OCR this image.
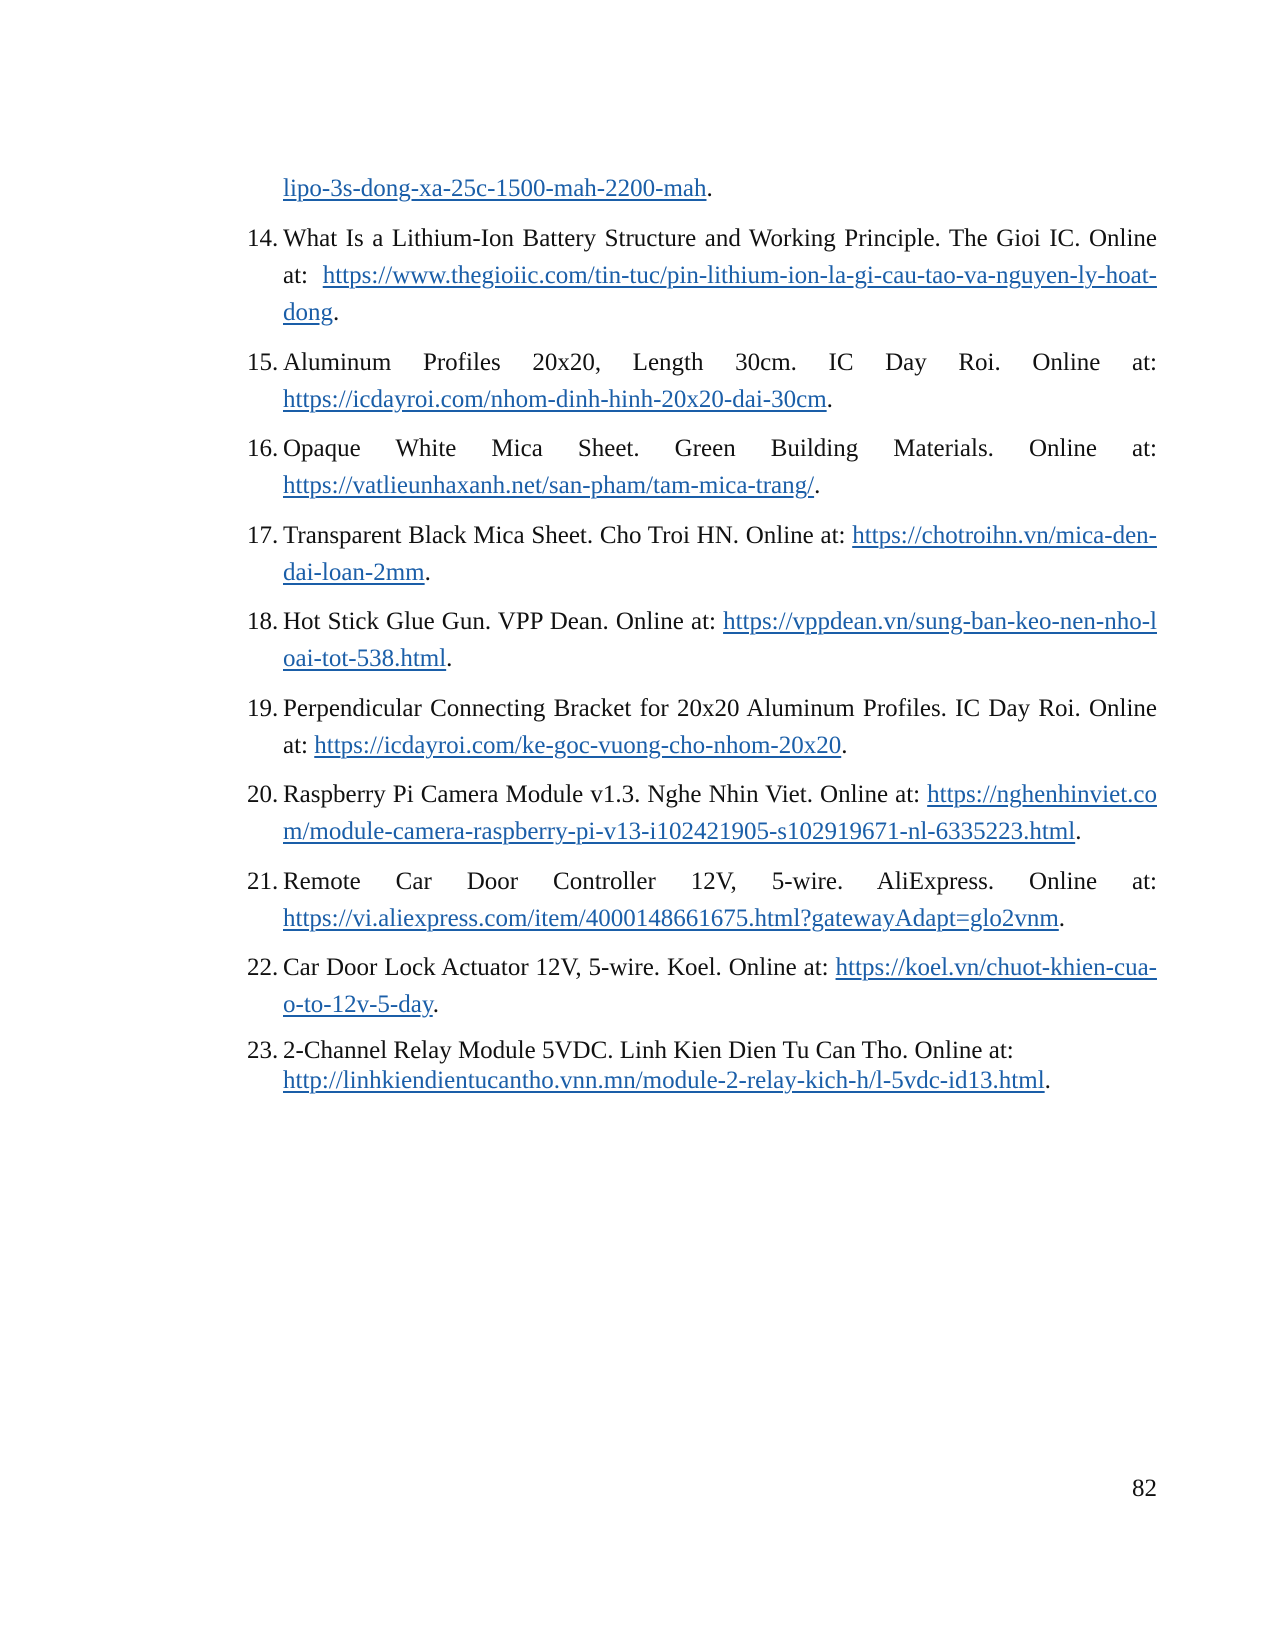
lipo-3s-dong-xa-25c-1500-mah-2200-mah.
14. What Is a Lithium-Ion Battery Structure and Working Principle. The Gioi IC. Online at: https://www.thegioiic.com/tin-tuc/pin-lithium-ion-la-gi-cau-tao-va-nguyen-ly-hoat-dong.
15. Aluminum Profiles 20x20, Length 30cm. IC Day Roi. Online at: https://icdayroi.com/nhom-dinh-hinh-20x20-dai-30cm.
16. Opaque White Mica Sheet. Green Building Materials. Online at: https://vatlieunhaxanh.net/san-pham/tam-mica-trang/.
17. Transparent Black Mica Sheet. Cho Troi HN. Online at: https://chotroihn.vn/mica-den-dai-loan-2mm.
18. Hot Stick Glue Gun. VPP Dean. Online at: https://vppdean.vn/sung-ban-keo-nen-nho-loai-tot-538.html.
19. Perpendicular Connecting Bracket for 20x20 Aluminum Profiles. IC Day Roi. Online at: https://icdayroi.com/ke-goc-vuong-cho-nhom-20x20.
20. Raspberry Pi Camera Module v1.3. Nghe Nhin Viet. Online at: https://nghenhinviet.com/module-camera-raspberry-pi-v13-i102421905-s102919671-nl-6335223.html.
21. Remote Car Door Controller 12V, 5-wire. AliExpress. Online at: https://vi.aliexpress.com/item/4000148661675.html?gatewayAdapt=glo2vnm.
22. Car Door Lock Actuator 12V, 5-wire. Koel. Online at: https://koel.vn/chuot-khien-cua-o-to-12v-5-day.
23. 2-Channel Relay Module 5VDC. Linh Kien Dien Tu Can Tho. Online at: http://linhkiendientucantho.vnn.mn/module-2-relay-kich-h/l-5vdc-id13.html.
82
